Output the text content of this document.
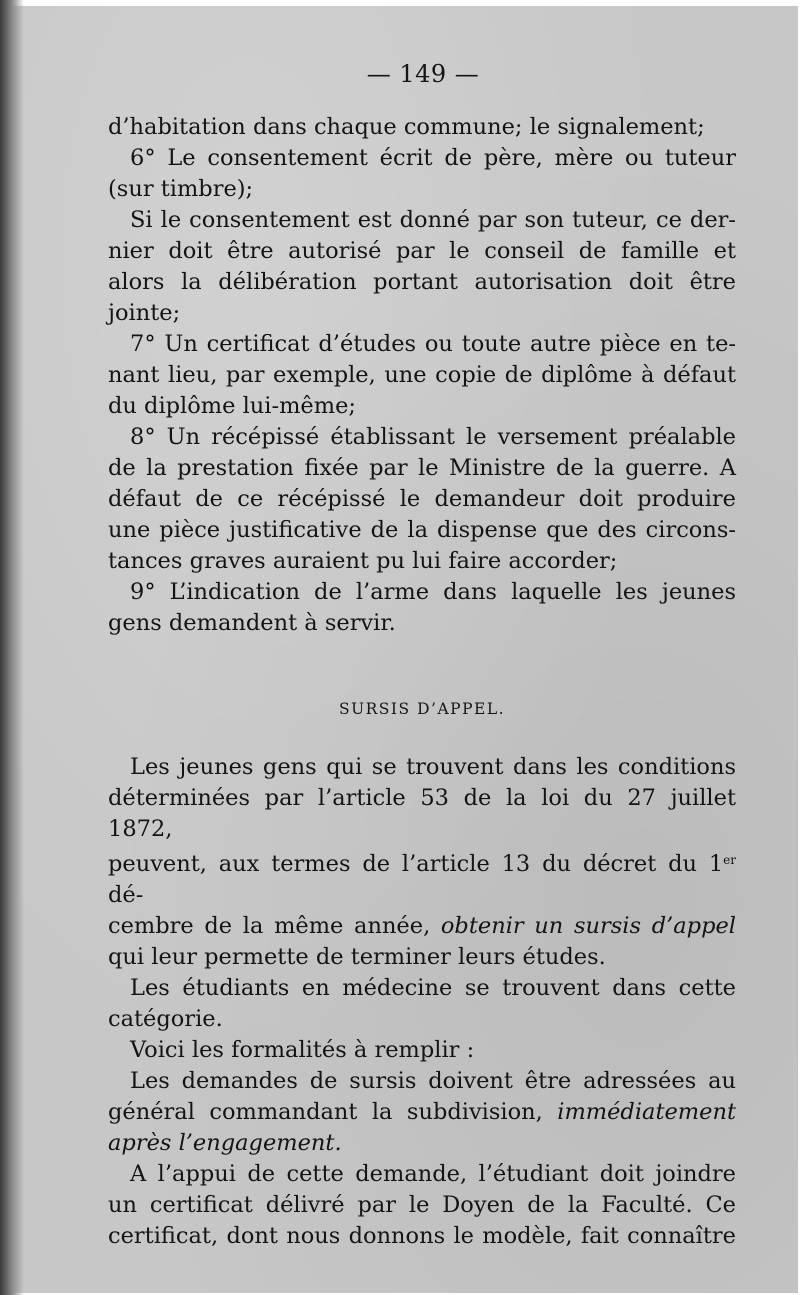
— 149 —

d’habitation dans chaque commune; le signalement;

6° Le consentement écrit de père, mère ou tuteur

(sur timbre);

Si le consentement est donné par son tuteur, ce der-

nier doit être autorisé par le conseil de famille et

alors la délibération portant autorisation doit être

jointe;

7° Un certificat d’études ou toute autre pièce en te-

nant lieu, par exemple, une copie de diplôme à défaut

du diplôme lui-même;

8° Un récépissé établissant le versement préalable

de la prestation fixée par le Ministre de la guerre. A

défaut de ce récépissé le demandeur doit produire

une pièce justificative de la dispense que des circons-

tances graves auraient pu lui faire accorder;

9° L’indication de l’arme dans laquelle les jeunes

gens demandent à servir.

SURSIS D’APPEL.

Les jeunes gens qui se trouvent dans les conditions

déterminées par l’article 53 de la loi du 27 juillet 1872,

peuvent, aux termes de l’article 13 du décret du 1er dé-

cembre de la même année, obtenir un sursis d’appel

qui leur permette de terminer leurs études.

Les étudiants en médecine se trouvent dans cette

catégorie.

Voici les formalités à remplir :

Les demandes de sursis doivent être adressées au

général commandant la subdivision, immédiatement

après l’engagement.

A l’appui de cette demande, l’étudiant doit joindre

un certificat délivré par le Doyen de la Faculté. Ce

certificat, dont nous donnons le modèle, fait connaître
